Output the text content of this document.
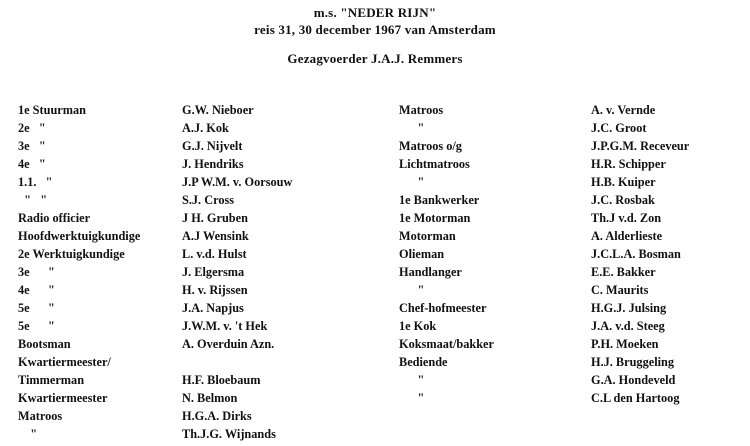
m.s. "NEDER RIJN"
reis 31, 30 december 1967 van Amsterdam
Gezagvoerder J.A.J. Remmers
1e Stuurman
2e   "
3e   "
4e   "
1.1.   "
"   "
Radio officier
Hoofdwerktuigkundige
2e Werktuigkundige
3e      "
4e      "
5e      "
5e      "
Bootsman
Kwartiermeester/
Timmerman
Kwartiermeester
Matroos
"
G.W. Nieboer
A.J. Kok
G.J. Nijvelt
J. Hendriks
J.P W.M. v. Oorsouw
S.J. Cross
J H. Gruben
A.J Wensink
L. v.d. Hulst
J. Elgersma
H. v. Rijssen
J.A. Napjus
J.W.M. v. 't Hek
A. Overduin Azn.
H.F. Bloebaum
N. Belmon
H.G.A. Dirks
Th.J.G. Wijnands
Matroos
"
Matroos o/g
Lichtmatroos
"
1e Bankwerker
1e Motorman
Motorman
Olieman
Handlanger
"
Chef-hofmeester
1e Kok
Koksmaat/bakker
Bediende
"
"
A. v. Vernde
J.C. Groot
J.P.G.M. Receveur
H.R. Schipper
H.B. Kuiper
J.C. Rosbak
Th.J v.d. Zon
A. Alderlieste
J.C.L.A. Bosman
E.E. Bakker
C. Maurits
H.G.J. Julsing
J.A. v.d. Steeg
P.H. Moeken
H.J. Bruggeling
G.A. Hondeveld
C.L den Hartoog
